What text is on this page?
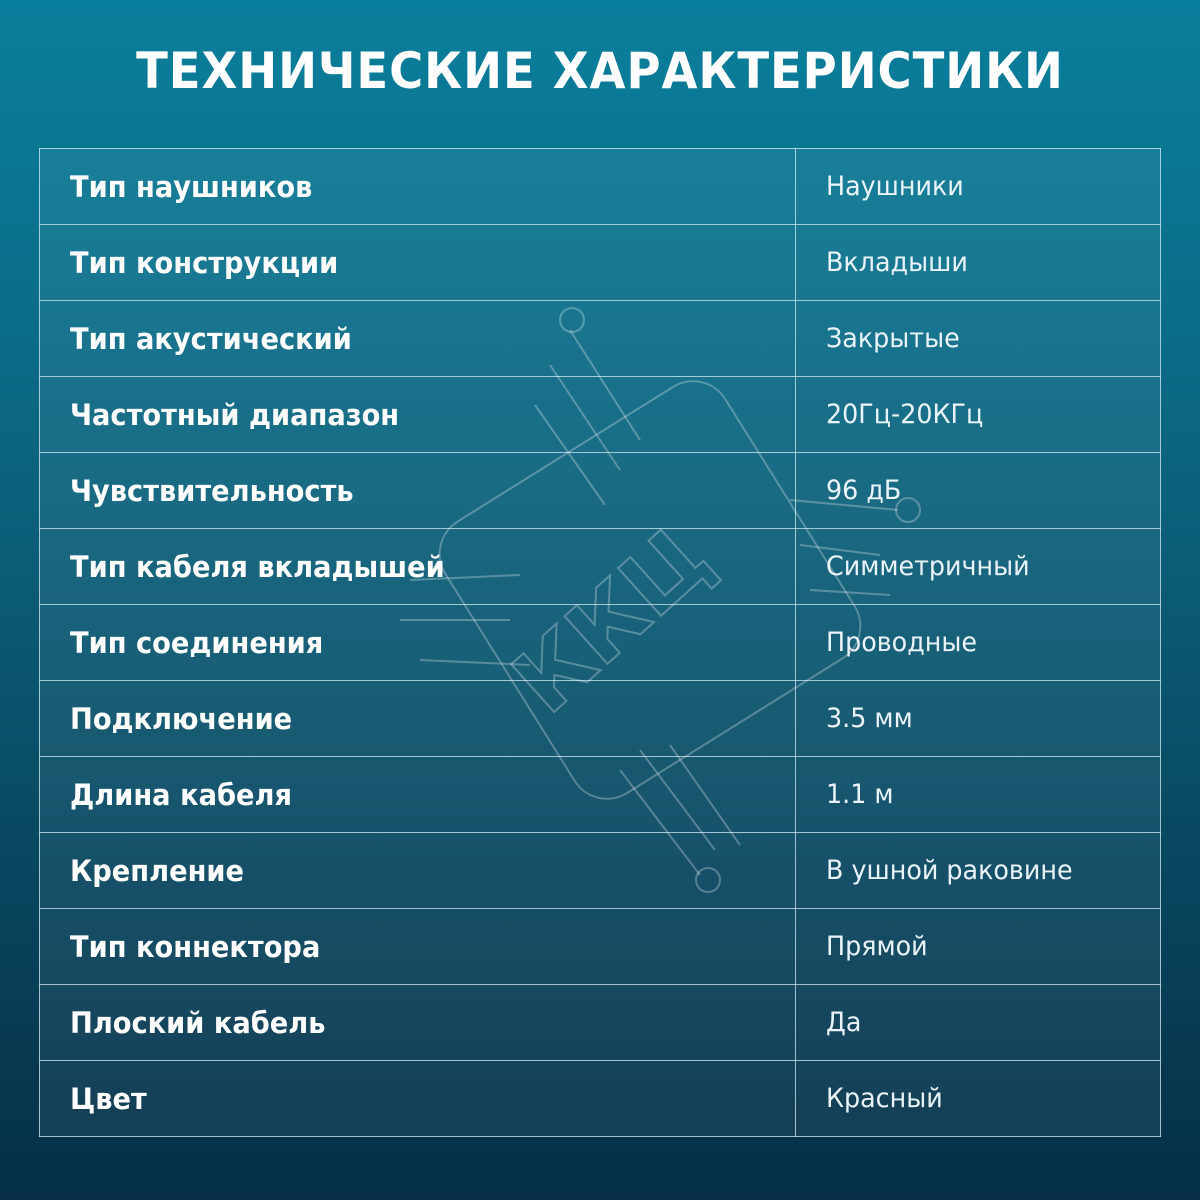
ТЕХНИЧЕСКИЕ ХАРАКТЕРИСТИКИ
Тип наушников	Наушники
Тип конструкции	Вкладыши
Тип акустический	Закрытые
Частотный диапазон	20Гц-20КГц
Чувствительность	96 дБ
Тип кабеля вкладышей	Симметричный
Тип соединения	Проводные
Подключение	3.5 мм
Длина кабеля	1.1 м
Крепление	В ушной раковине
Тип коннектора	Прямой
Плоский кабель	Да
Цвет	Красный
ККЦ
